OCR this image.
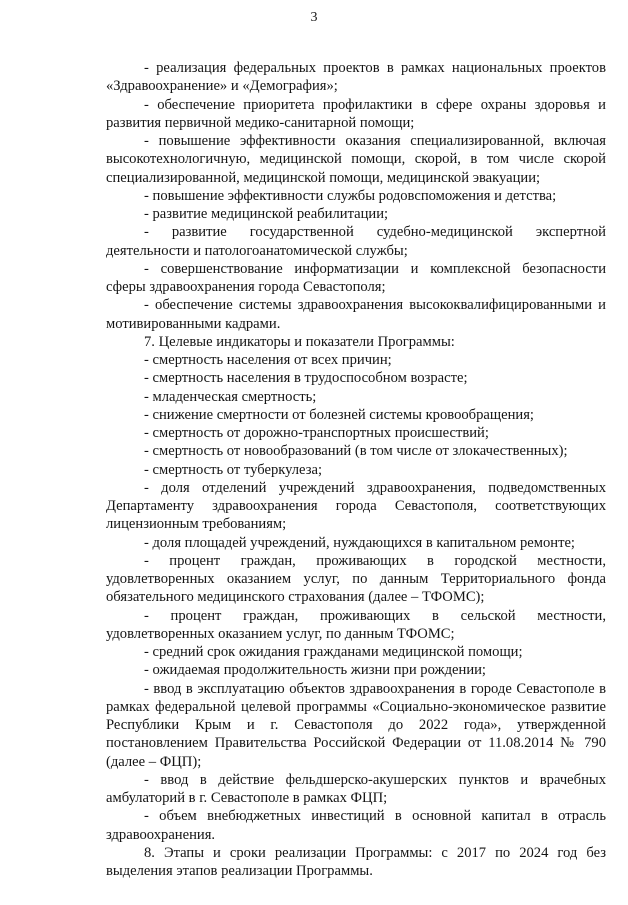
3

- реализация федеральных проектов в рамках национальных проектов «Здравоохранение» и «Демография»;

- обеспечение приоритета профилактики в сфере охраны здоровья и развития первичной медико-санитарной помощи;

- повышение эффективности оказания специализированной, включая высокотехнологичную, медицинской помощи, скорой, в том числе скорой специализированной, медицинской помощи, медицинской эвакуации;

- повышение эффективности службы родовспоможения и детства;

- развитие медицинской реабилитации;

- развитие государственной судебно-медицинской экспертной деятельности и патологоанатомической службы;

- совершенствование информатизации и комплексной безопасности сферы здравоохранения города Севастополя;

- обеспечение системы здравоохранения высококвалифицированными и мотивированными кадрами.

7. Целевые индикаторы и показатели Программы:

- смертность населения от всех причин;

- смертность населения в трудоспособном возрасте;

- младенческая смертность;

- снижение смертности от болезней системы кровообращения;

- смертность от дорожно-транспортных происшествий;

- смертность от новообразований (в том числе от злокачественных);

- смертность от туберкулеза;

- доля отделений учреждений здравоохранения, подведомственных Департаменту здравоохранения города Севастополя, соответствующих лицензионным требованиям;

- доля площадей учреждений, нуждающихся в капитальном ремонте;

- процент граждан, проживающих в городской местности, удовлетворенных оказанием услуг, по данным Территориального фонда обязательного медицинского страхования (далее – ТФОМС);

- процент граждан, проживающих в сельской местности, удовлетворенных оказанием услуг, по данным ТФОМС;

- средний срок ожидания гражданами медицинской помощи;

- ожидаемая продолжительность жизни при рождении;

- ввод в эксплуатацию объектов здравоохранения в городе Севастополе в рамках федеральной целевой программы «Социально-экономическое развитие Республики Крым и г. Севастополя до 2022 года», утвержденной постановлением Правительства Российской Федерации от 11.08.2014 № 790 (далее – ФЦП);

- ввод в действие фельдшерско-акушерских пунктов и врачебных амбулаторий в г. Севастополе в рамках ФЦП;

- объем внебюджетных инвестиций в основной капитал в отрасль здравоохранения.

8. Этапы и сроки реализации Программы: с 2017 по 2024 год без выделения этапов реализации Программы.
